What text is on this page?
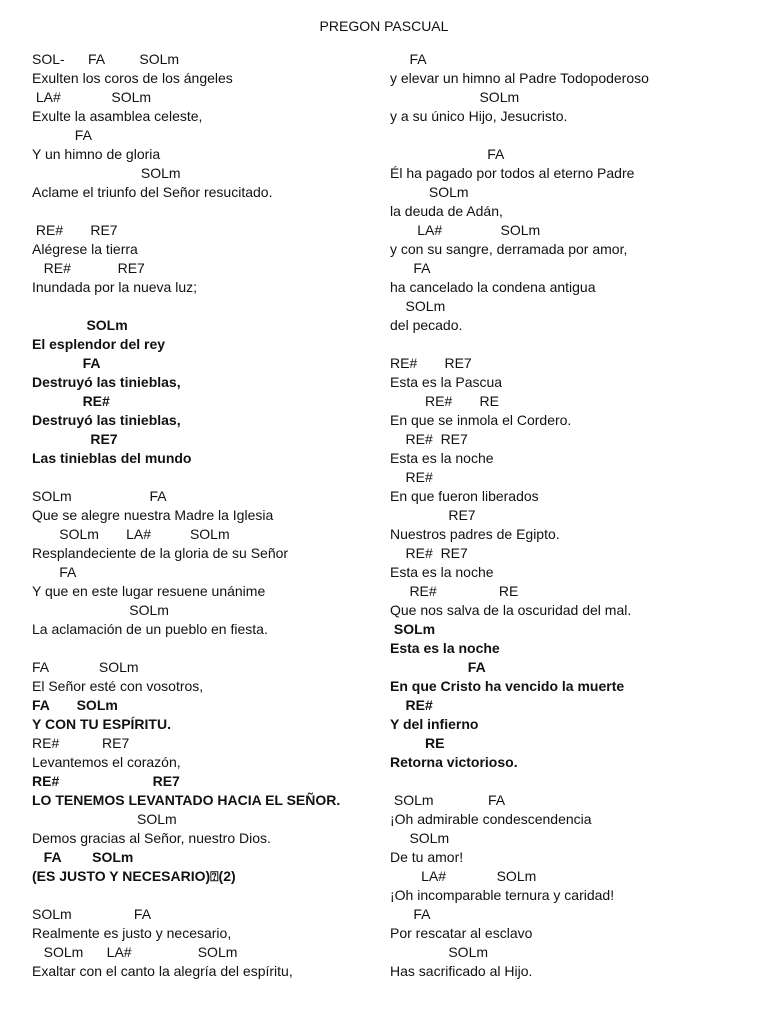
PREGON PASCUAL
SOL-      FA         SOLm
Exulten los coros de los ángeles
LA#             SOLm
Exulte la asamblea celeste,
FA
Y un himno de gloria
SOLm
Aclame el triunfo del Señor resucitado.
RE#       RE7
Alégrese la tierra
RE#            RE7
Inundada por la nueva luz;
SOLm
El esplendor del rey
FA
Destruyó las tinieblas,
RE#
Destruyó las tinieblas,
RE7
Las tinieblas del mundo
SOLm                    FA
Que se alegre nuestra Madre la Iglesia
SOLm       LA#          SOLm
Resplandeciente de la gloria de su Señor
FA
Y que en este lugar resuene unánime
SOLm
La aclamación de un pueblo en fiesta.
FA             SOLm
El Señor esté con vosotros,
FA       SOLm
Y CON TU ESPÍRITU.
RE#           RE7
Levantemos el corazón,
RE#                        RE7
LO TENEMOS LEVANTADO HACIA EL SEÑOR.
SOLm
Demos gracias al Señor, nuestro Dios.
FA        SOLm
(ES JUSTO Y NECESARIO)⍰(2)
SOLm                FA
Realmente es justo y necesario,
SOLm      LA#                 SOLm
Exaltar con el canto la alegría del espíritu,
FA
y elevar un himno al Padre Todopoderoso
SOLm
y a su único Hijo, Jesucristo.
FA
Él ha pagado por todos al eterno Padre
SOLm
la deuda de Adán,
LA#               SOLm
y con su sangre, derramada por amor,
FA
ha cancelado la condena antigua
SOLm
del pecado.
RE#       RE7
Esta es la Pascua
RE#       RE
En que se inmola el Cordero.
RE#  RE7
Esta es la noche
RE#
En que fueron liberados
RE7
Nuestros padres de Egipto.
RE#  RE7
Esta es la noche
RE#                RE
Que nos salva de la oscuridad del mal.
SOLm
Esta es la noche
FA
En que Cristo ha vencido la muerte
RE#
Y del infierno
RE
Retorna victorioso.
SOLm              FA
¡Oh admirable condescendencia
SOLm
De tu amor!
LA#             SOLm
¡Oh incomparable ternura y caridad!
FA
Por rescatar al esclavo
SOLm
Has sacrificado al Hijo.
